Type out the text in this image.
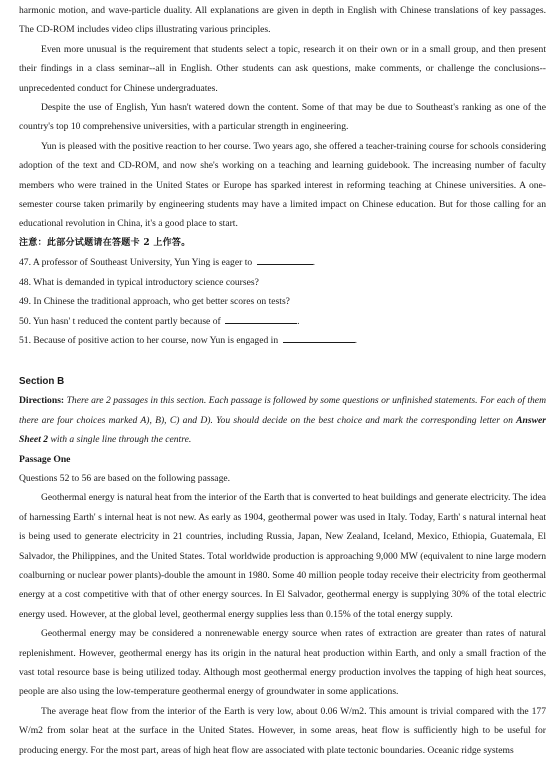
harmonic motion, and wave-particle duality. All explanations are given in depth in English with Chinese translations of key passages. The CD-ROM includes video clips illustrating various principles.

Even more unusual is the requirement that students select a topic, research it on their own or in a small group, and then present their findings in a class seminar--all in English. Other students can ask questions, make comments, or challenge the conclusions--unprecedented conduct for Chinese undergraduates.

Despite the use of English, Yun hasn't watered down the content. Some of that may be due to Southeast's ranking as one of the country's top 10 comprehensive universities, with a particular strength in engineering.

Yun is pleased with the positive reaction to her course. Two years ago, she offered a teacher-training course for schools considering adoption of the text and CD-ROM, and now she's working on a teaching and learning guidebook. The increasing number of faculty members who were trained in the United States or Europe has sparked interest in reforming teaching at Chinese universities. A one-semester course taken primarily by engineering students may have a limited impact on Chinese education. But for those calling for an educational revolution in China, it's a good place to start.

注意：此部分试题请在答题卡 2 上作答。

47. A professor of Southeast University, Yun Ying is eager to	.

48. What is demanded in typical introductory science courses?

49. In Chinese the traditional approach, who get better scores on tests?

50. Yun hasn' t reduced the content partly because of	.

51. Because of positive action to her course, now Yun is engaged in	.

Section B

Directions: There are 2 passages in this section. Each passage is followed by some questions or unfinished statements. For each of them there are four choices marked A), B), C) and D). You should decide on the best choice and mark the corresponding letter on Answer Sheet 2 with a single line through the centre.

Passage One

Questions 52 to 56 are based on the following passage.

Geothermal energy is natural heat from the interior of the Earth that is converted to heat buildings and generate electricity. The idea of harnessing Earth' s internal heat is not new. As early as 1904, geothermal power was used in Italy. Today, Earth' s natural internal heat is being used to generate electricity in 21 countries, including Russia, Japan, New Zealand, Iceland, Mexico, Ethiopia, Guatemala, El Salvador, the Philippines, and the United States. Total worldwide production is approaching 9,000 MW (equivalent to nine large modern coalburning or nuclear power plants)-double the amount in 1980. Some 40 million people today receive their electricity from geothermal energy at a cost competitive with that of other energy sources. In El Salvador, geothermal energy is supplying 30% of the total electric energy used. However, at the global level, geothermal energy supplies less than 0.15% of the total energy supply.

Geothermal energy may be considered a nonrenewable energy source when rates of extraction are greater than rates of natural replenishment. However, geothermal energy has its origin in the natural heat production within Earth, and only a small fraction of the vast total resource base is being utilized today. Although most geothermal energy production involves the tapping of high heat sources, people are also using the low-temperature geothermal energy of groundwater in some applications.

The average heat flow from the interior of the Earth is very low, about 0.06 W/m2. This amount is trivial compared with the 177 W/m2 from solar heat at the surface in the United States. However, in some areas, heat flow is sufficiently high to be useful for producing energy. For the most part, areas of high heat flow are associated with plate tectonic boundaries. Oceanic ridge systems
